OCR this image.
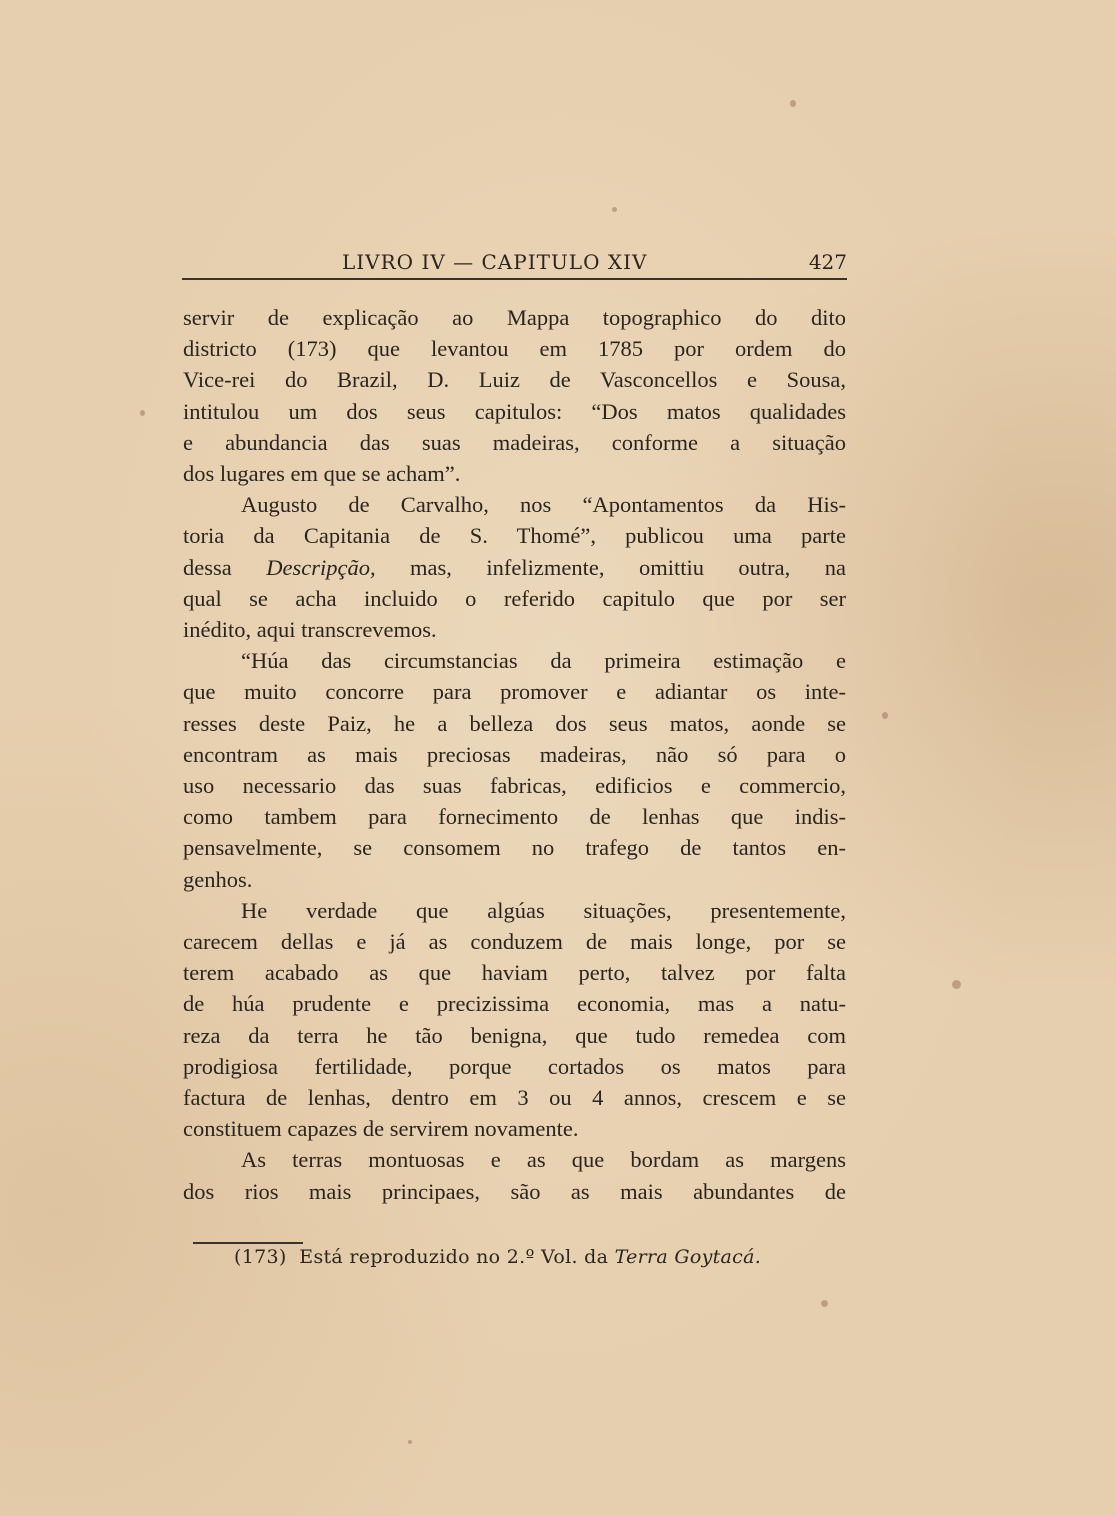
LIVRO IV — CAPITULO XIV	427

servir de explicação ao Mappa topographico do dito
districto (173) que levantou em 1785 por ordem do
Vice-rei do Brazil, D. Luiz de Vasconcellos e Sousa,
intitulou um dos seus capitulos: “Dos matos qualidades
e abundancia das suas madeiras, conforme a situação
dos lugares em que se acham”.

Augusto de Carvalho, nos “Apontamentos da His-
toria da Capitania de S. Thomé”, publicou uma parte
dessa Descripção, mas, infelizmente, omittiu outra, na
qual se acha incluido o referido capitulo que por ser
inédito, aqui transcrevemos.

“Húa das circumstancias da primeira estimação e
que muito concorre para promover e adiantar os inte-
resses deste Paiz, he a belleza dos seus matos, aonde se
encontram as mais preciosas madeiras, não só para o
uso necessario das suas fabricas, edificios e commercio,
como tambem para fornecimento de lenhas que indis-
pensavelmente, se consomem no trafego de tantos en-
genhos.

He verdade que algúas situações, presentemente,
carecem dellas e já as conduzem de mais longe, por se
terem acabado as que haviam perto, talvez por falta
de húa prudente e precizissima economia, mas a natu-
reza da terra he tão benigna, que tudo remedea com
prodigiosa fertilidade, porque cortados os matos para
factura de lenhas, dentro em 3 ou 4 annos, crescem e se
constituem capazes de servirem novamente.

As terras montuosas e as que bordam as margens
dos rios mais principaes, são as mais abundantes de

(173) Está reproduzido no 2.º Vol. da Terra Goytacá.
